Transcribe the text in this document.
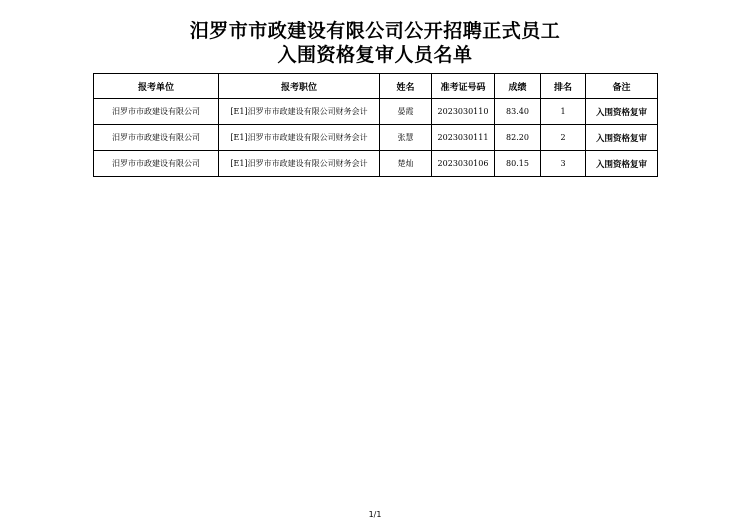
汨罗市市政建设有限公司公开招聘正式员工
入围资格复审人员名单
报考单位	报考职位	姓名	准考证号码	成绩	排名	备注
汨罗市市政建设有限公司	[E1]汨罗市市政建设有限公司财务会计	晏霞	2023030110	83.40	1	入围资格复审
汨罗市市政建设有限公司	[E1]汨罗市市政建设有限公司财务会计	张慧	2023030111	82.20	2	入围资格复审
汨罗市市政建设有限公司	[E1]汨罗市市政建设有限公司财务会计	楚灿	2023030106	80.15	3	入围资格复审
1/1
